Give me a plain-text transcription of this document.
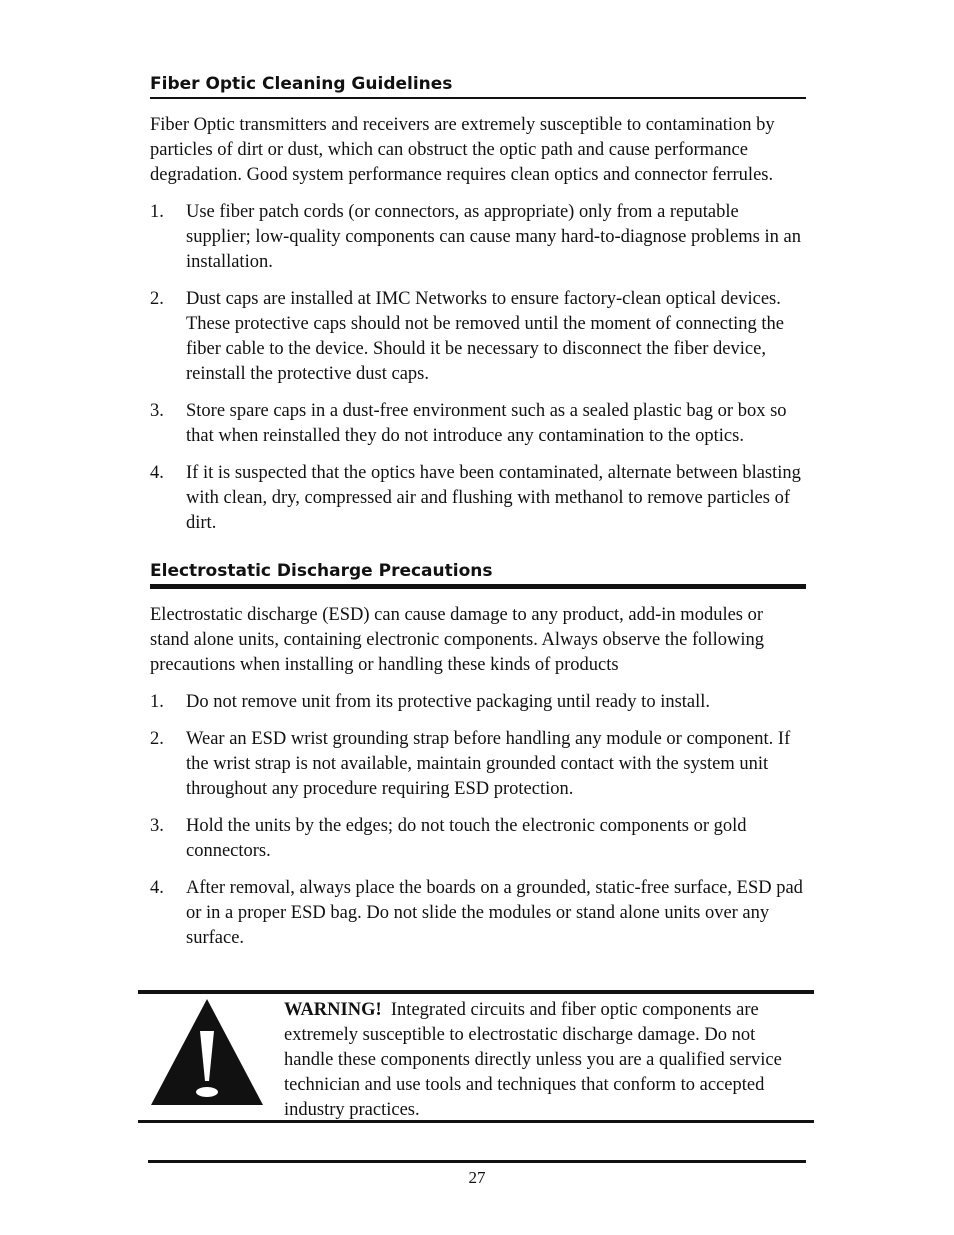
Fiber Optic Cleaning Guidelines

Fiber Optic transmitters and receivers are extremely susceptible to contamination by particles of dirt or dust, which can obstruct the optic path and cause performance degradation. Good system performance requires clean optics and connector ferrules.

1.	Use fiber patch cords (or connectors, as appropriate) only from a reputable supplier; low-quality components can cause many hard-to-diagnose problems in an installation.
2.	Dust caps are installed at IMC Networks to ensure factory-clean optical devices. These protective caps should not be removed until the moment of connecting the fiber cable to the device. Should it be necessary to disconnect the fiber device, reinstall the protective dust caps.
3.	Store spare caps in a dust-free environment such as a sealed plastic bag or box so that when reinstalled they do not introduce any contamination to the optics.
4.	If it is suspected that the optics have been contaminated, alternate between blasting with clean, dry, compressed air and flushing with methanol to remove particles of dirt.
Electrostatic Discharge Precautions

Electrostatic discharge (ESD) can cause damage to any product, add-in modules or stand alone units, containing electronic components. Always observe the following precautions when installing or handling these kinds of products

1.	Do not remove unit from its protective packaging until ready to install.
2.	Wear an ESD wrist grounding strap before handling any module or component. If the wrist strap is not available, maintain grounded contact with the system unit throughout any procedure requiring ESD protection.
3.	Hold the units by the edges; do not touch the electronic components or gold connectors.
4.	After removal, always place the boards on a grounded, static-free surface, ESD pad or in a proper ESD bag. Do not slide the modules or stand alone units over any surface.

WARNING! Integrated circuits and fiber optic components are extremely susceptible to electrostatic discharge damage. Do not handle these components directly unless you are a qualified service technician and use tools and techniques that conform to accepted industry practices.

27
